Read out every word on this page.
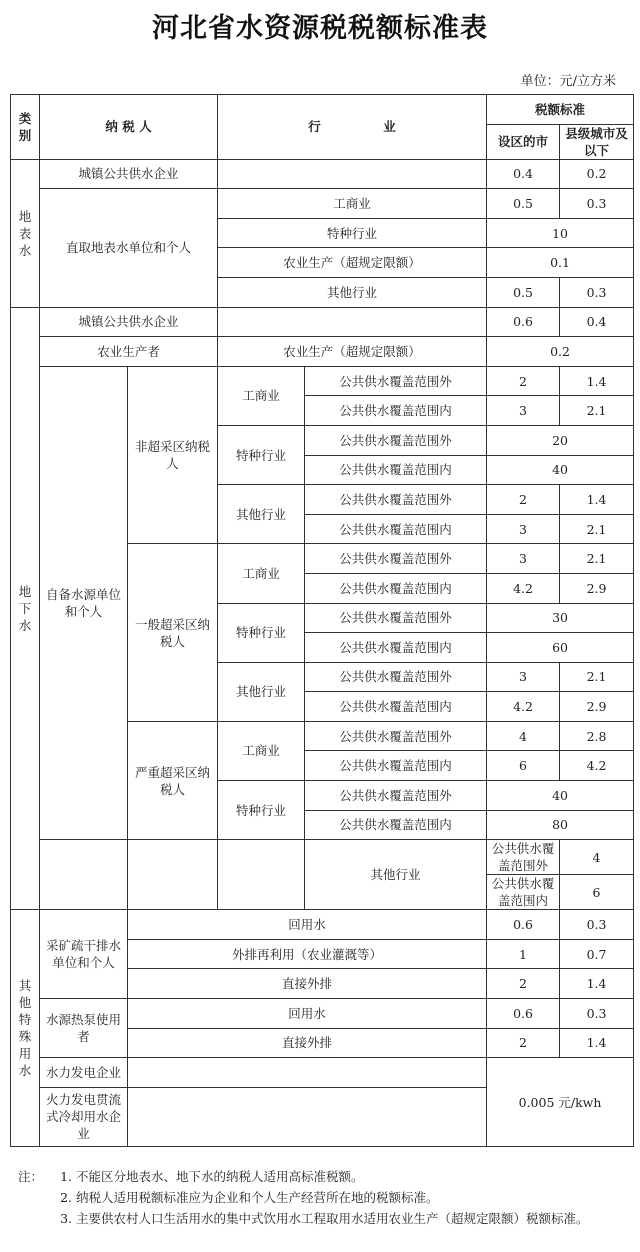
河北省水资源税税额标准表
单位：元/立方米
类别	纳 税 人		行　　　　　业		税额标准		
					设区的市	县级城市及以下	
地表水	城镇公共供水企业				0.4	0.2	
	直取地表水单位和个人		工商业		0.5	0.3	
			特种行业		10		
			农业生产（超规定限额）		0.1		
			其他行业		0.5	0.3	
地下水	城镇公共供水企业				0.6	0.4	
	农业生产者		农业生产（超规定限额）		0.2		
	自备水源单位和个人	非超采区纳税人	工商业	公共供水覆盖范围外	2	1.4	
				公共供水覆盖范围内	3	2.1	
			特种行业	公共供水覆盖范围外	20		
				公共供水覆盖范围内	40		
			其他行业	公共供水覆盖范围外	2	1.4	
				公共供水覆盖范围内	3	2.1	
		一般超采区纳税人	工商业	公共供水覆盖范围外	3	2.1	
				公共供水覆盖范围内	4.2	2.9	
			特种行业	公共供水覆盖范围外	30		
				公共供水覆盖范围内	60		
			其他行业	公共供水覆盖范围外	3	2.1	
				公共供水覆盖范围内	4.2	2.9	
		严重超采区纳税人	工商业	公共供水覆盖范围外	4	2.8	
				公共供水覆盖范围内	6	4.2	
			特种行业	公共供水覆盖范围外	40		
				公共供水覆盖范围内	80		
				其他行业	公共供水覆盖范围外	4	
					公共供水覆盖范围内	6	
其他特殊用水	采矿疏干排水单位和个人	回用水			0.6	0.3	
		外排再利用（农业灌溉等）			1	0.7	
		直接外排			2	1.4	
	水源热泵使用者	回用水			0.6	0.3	
		直接外排			2	1.4	
	水力发电企业				0.005 元/kwh		
	火力发电贯流式冷却用水企业						

注：	1. 不能区分地表水、地下水的纳税人适用高标准税额。
2. 纳税人适用税额标准应为企业和个人生产经营所在地的税额标准。
3. 主要供农村人口生活用水的集中式饮用水工程取用水适用农业生产（超规定限额）税额标准。
